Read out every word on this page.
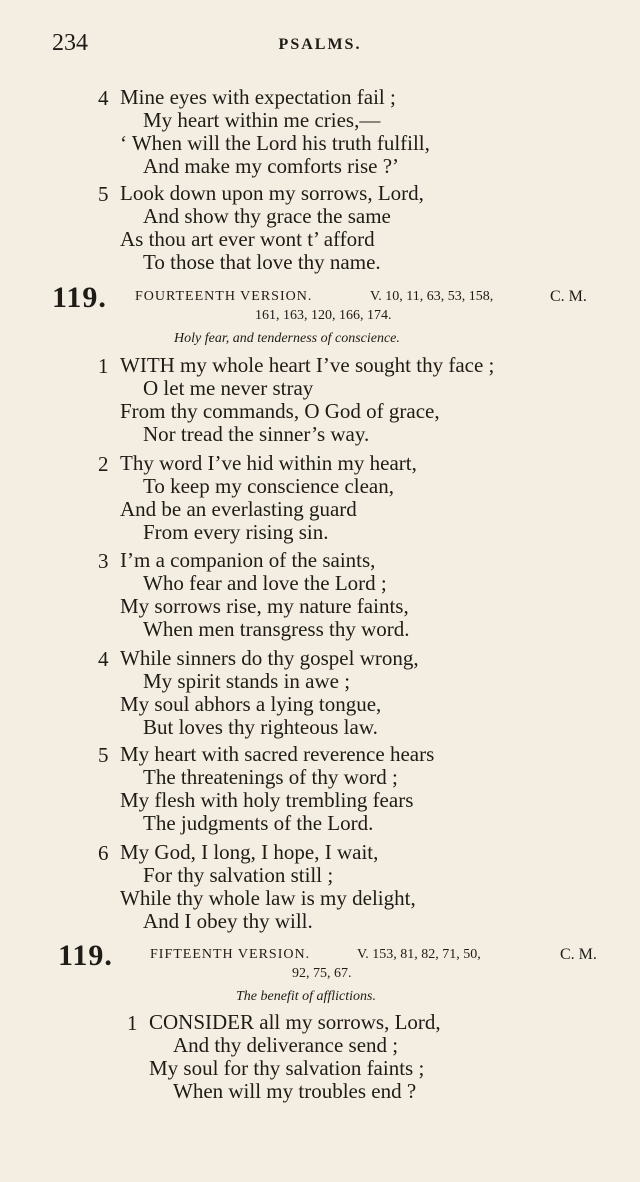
234	PSALMS.
4 Mine eyes with expectation fail ;
My heart within me cries,—
‘ When will the Lord his truth fulfill,
And make my comforts rise ?’
5 Look down upon my sorrows, Lord,
And show thy grace the same
As thou art ever wont t’ afford
To those that love thy name.
119. FOURTEENTH VERSION.	V. 10, 11, 63, 53, 158,	C. M.
161, 163, 120, 166, 174.
Holy fear, and tenderness of conscience.
1 WITH my whole heart I’ve sought thy face ;
O let me never stray
From thy commands, O God of grace,
Nor tread the sinner’s way.
2 Thy word I’ve hid within my heart,
To keep my conscience clean,
And be an everlasting guard
From every rising sin.
3 I’m a companion of the saints,
Who fear and love the Lord ;
My sorrows rise, my nature faints,
When men transgress thy word.
4 While sinners do thy gospel wrong,
My spirit stands in awe ;
My soul abhors a lying tongue,
But loves thy righteous law.
5 My heart with sacred reverence hears
The threatenings of thy word ;
My flesh with holy trembling fears
The judgments of the Lord.
6 My God, I long, I hope, I wait,
For thy salvation still ;
While thy whole law is my delight,
And I obey thy will.
119.	FIFTEENTH VERSION.	V. 153, 81, 82, 71, 50,	C. M.
92, 75, 67.
The benefit of afflictions.
1 CONSIDER all my sorrows, Lord,
And thy deliverance send ;
My soul for thy salvation faints ;
When will my troubles end ?
